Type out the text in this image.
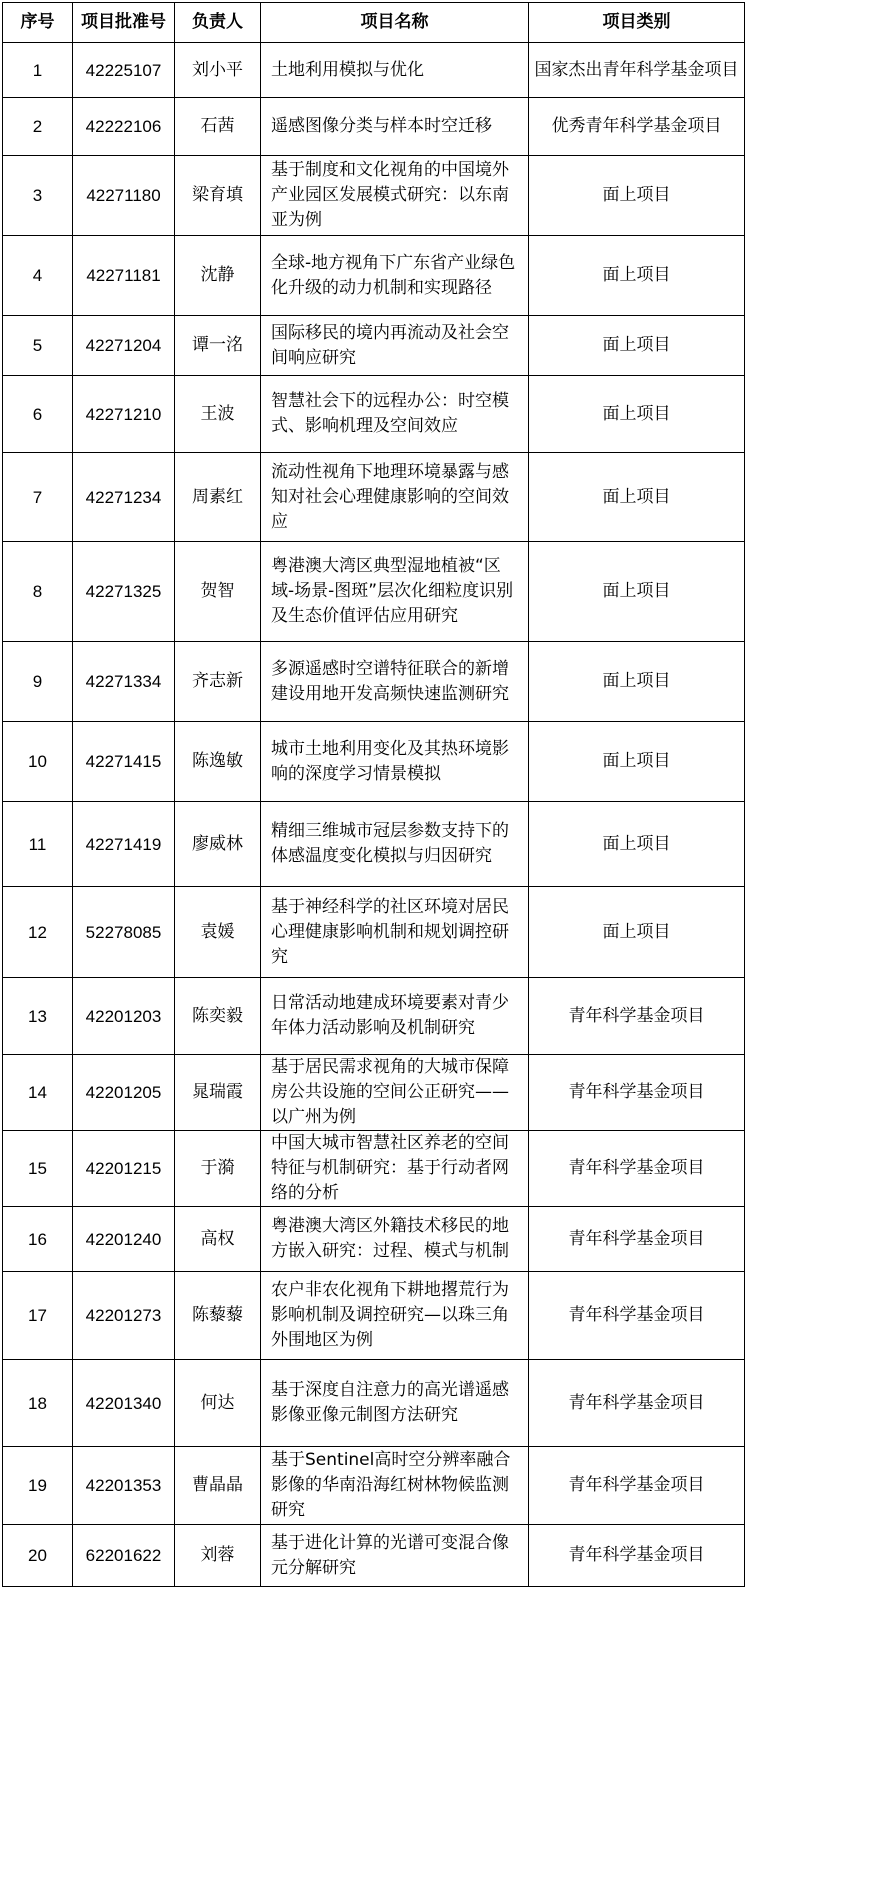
序号	项目批准号	负责人	项目名称	项目类别
1	42225107	刘小平	土地利用模拟与优化	国家杰出青年科学基金项目
2	42222106	石茜	遥感图像分类与样本时空迁移	优秀青年科学基金项目
3	42271180	梁育填	基于制度和文化视角的中国境外产业园区发展模式研究：以东南亚为例	面上项目
4	42271181	沈静	全球-地方视角下广东省产业绿色化升级的动力机制和实现路径	面上项目
5	42271204	谭一洺	国际移民的境内再流动及社会空间响应研究	面上项目
6	42271210	王波	智慧社会下的远程办公：时空模式、影响机理及空间效应	面上项目
7	42271234	周素红	流动性视角下地理环境暴露与感知对社会心理健康影响的空间效应	面上项目
8	42271325	贺智	粤港澳大湾区典型湿地植被“区域-场景-图斑”层次化细粒度识别及生态价值评估应用研究	面上项目
9	42271334	齐志新	多源遥感时空谱特征联合的新增建设用地开发高频快速监测研究	面上项目
10	42271415	陈逸敏	城市土地利用变化及其热环境影响的深度学习情景模拟	面上项目
11	42271419	廖威林	精细三维城市冠层参数支持下的体感温度变化模拟与归因研究	面上项目
12	52278085	袁媛	基于神经科学的社区环境对居民心理健康影响机制和规划调控研究	面上项目
13	42201203	陈奕毅	日常活动地建成环境要素对青少年体力活动影响及机制研究	青年科学基金项目
14	42201205	晁瑞霞	基于居民需求视角的大城市保障房公共设施的空间公正研究——以广州为例	青年科学基金项目
15	42201215	于漪	中国大城市智慧社区养老的空间特征与机制研究：基于行动者网络的分析	青年科学基金项目
16	42201240	高权	粤港澳大湾区外籍技术移民的地方嵌入研究：过程、模式与机制	青年科学基金项目
17	42201273	陈藜藜	农户非农化视角下耕地撂荒行为影响机制及调控研究—以珠三角外围地区为例	青年科学基金项目
18	42201340	何达	基于深度自注意力的高光谱遥感影像亚像元制图方法研究	青年科学基金项目
19	42201353	曹晶晶	基于Sentinel高时空分辨率融合影像的华南沿海红树林物候监测研究	青年科学基金项目
20	62201622	刘蓉	基于进化计算的光谱可变混合像元分解研究	青年科学基金项目
